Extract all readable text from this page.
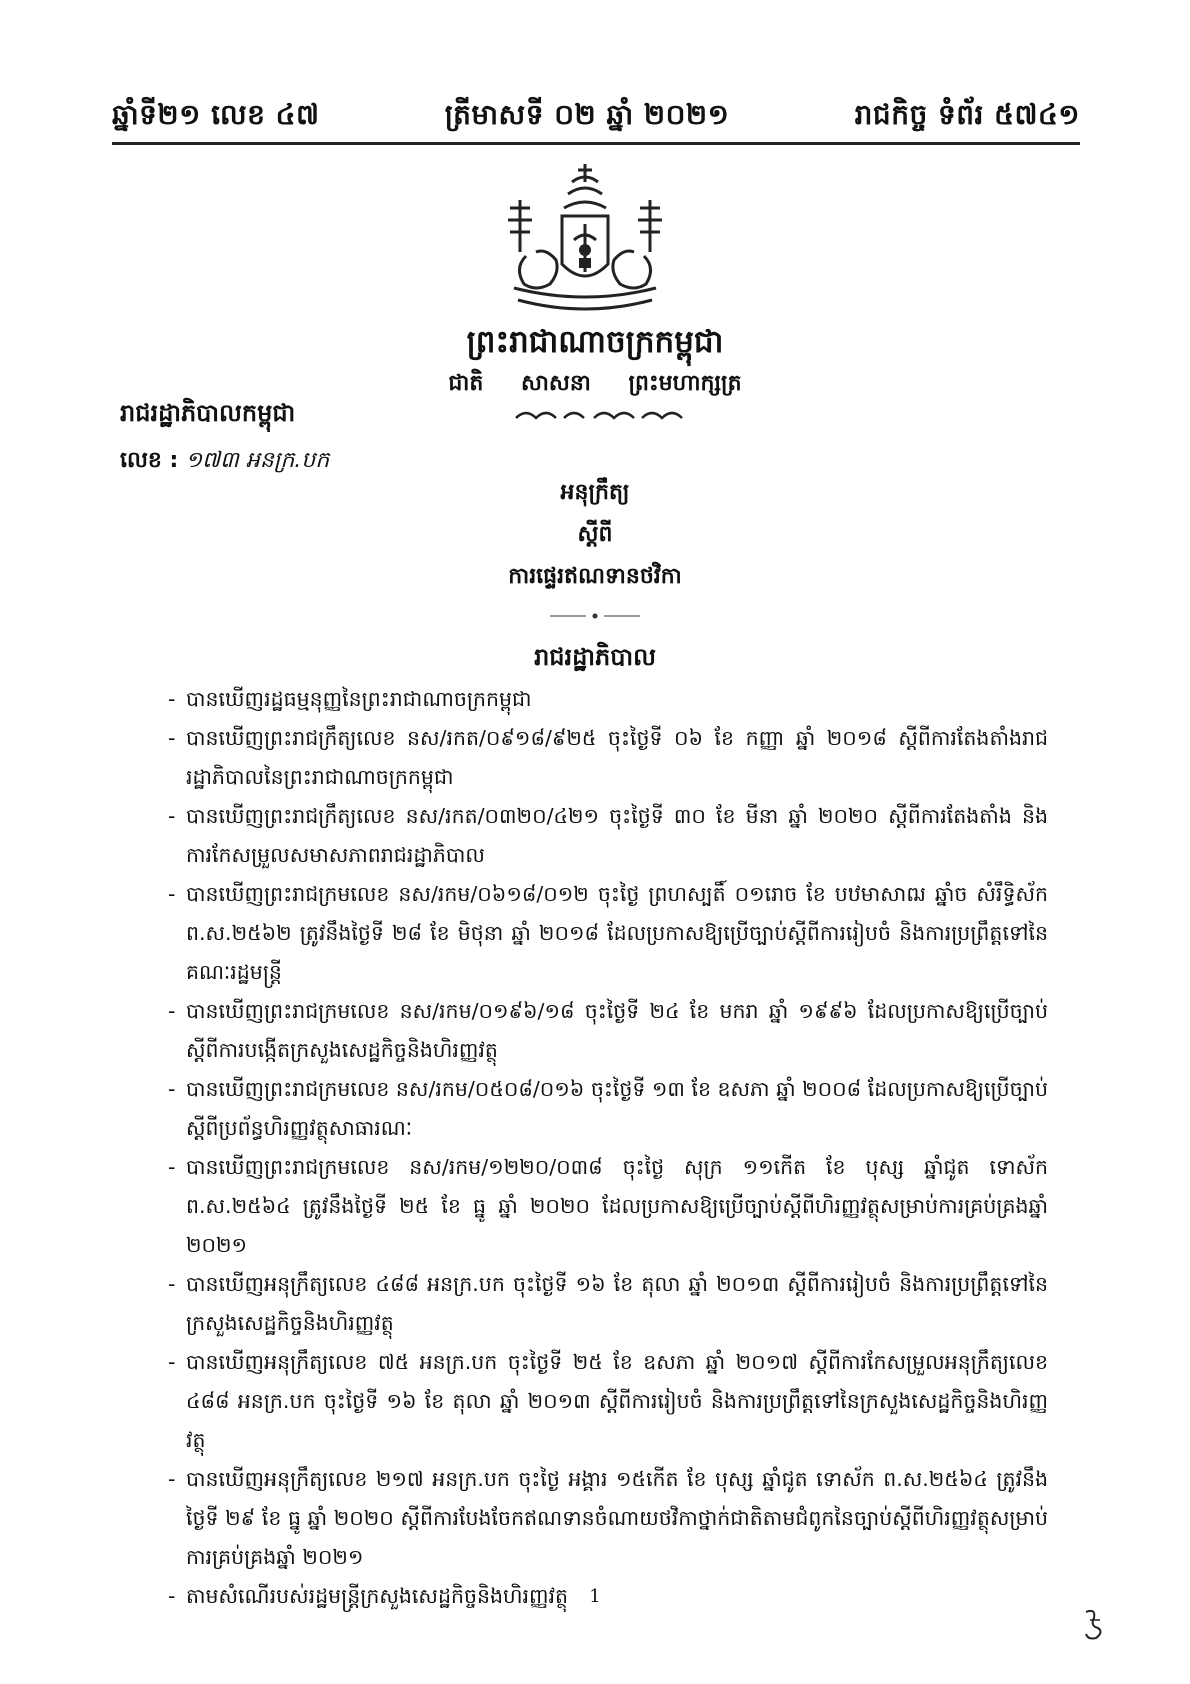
ឆ្នាំទី២១ លេខ ៤៧	ត្រីមាសទី ០២ ឆ្នាំ ២០២១	រាជកិច្ច ទំព័រ ៥៧៤១
ព្រះរាជាណាចក្រកម្ពុជា
ជាតិ សាសនា ព្រះមហាក្សត្រ
រាជរដ្ឋាភិបាលកម្ពុជា
លេខ : ១៧៣ អនក្រ.បក
អនុក្រឹត្យ
ស្តីពី
ការផ្ទេរឥណទានថវិកា
រាជរដ្ឋាភិបាល
- បានឃើញរដ្ឋធម្មនុញ្ញនៃព្រះរាជាណាចក្រកម្ពុជា
- បានឃើញព្រះរាជក្រឹត្យលេខ នស/រកត/០៩១៨/៩២៥ ចុះថ្ងៃទី ០៦ ខែ កញ្ញា ឆ្នាំ ២០១៨ ស្តីពីការតែងតាំងរាជរដ្ឋាភិបាលនៃព្រះរាជាណាចក្រកម្ពុជា
- បានឃើញព្រះរាជក្រឹត្យលេខ នស/រកត/០៣២០/៤២១ ចុះថ្ងៃទី ៣០ ខែ មីនា ឆ្នាំ ២០២០ ស្តីពីការតែងតាំង និងការកែសម្រួលសមាសភាពរាជរដ្ឋាភិបាល
- បានឃើញព្រះរាជក្រមលេខ នស/រកម/០៦១៨/០១២ ចុះថ្ងៃ ព្រហស្បតិ៍ ០១រោច ខែ បឋមាសាឍ ឆ្នាំច សំរឹទ្ធិស័ក ព.ស.២៥៦២ ត្រូវនឹងថ្ងៃទី ២៨ ខែ មិថុនា ឆ្នាំ ២០១៨ ដែលប្រកាសឱ្យប្រើច្បាប់ស្តីពីការរៀបចំ និងការប្រព្រឹត្តទៅនៃគណៈរដ្ឋមន្ត្រី
- បានឃើញព្រះរាជក្រមលេខ នស/រកម/០១៩៦/១៨ ចុះថ្ងៃទី ២៤ ខែ មករា ឆ្នាំ ១៩៩៦ ដែលប្រកាសឱ្យប្រើច្បាប់ស្តីពីការបង្កើតក្រសួងសេដ្ឋកិច្ចនិងហិរញ្ញវត្ថុ
- បានឃើញព្រះរាជក្រមលេខ នស/រកម/០៥០៨/០១៦ ចុះថ្ងៃទី ១៣ ខែ ឧសភា ឆ្នាំ ២០០៨ ដែលប្រកាសឱ្យប្រើច្បាប់ស្តីពីប្រព័ន្ធហិរញ្ញវត្ថុសាធារណៈ
- បានឃើញព្រះរាជក្រមលេខ នស/រកម/១២២០/០៣៨ ចុះថ្ងៃ សុក្រ ១១កើត ខែ បុស្ស ឆ្នាំជូត ទោស័ក ព.ស.២៥៦៤ ត្រូវនឹងថ្ងៃទី ២៥ ខែ ធ្នូ ឆ្នាំ ២០២០ ដែលប្រកាសឱ្យប្រើច្បាប់ស្តីពីហិរញ្ញវត្ថុសម្រាប់ការគ្រប់គ្រងឆ្នាំ ២០២១
- បានឃើញអនុក្រឹត្យលេខ ៤៨៨ អនក្រ.បក ចុះថ្ងៃទី ១៦ ខែ តុលា ឆ្នាំ ២០១៣ ស្តីពីការរៀបចំ និងការប្រព្រឹត្តទៅនៃក្រសួងសេដ្ឋកិច្ចនិងហិរញ្ញវត្ថុ
- បានឃើញអនុក្រឹត្យលេខ ៧៥ អនក្រ.បក ចុះថ្ងៃទី ២៥ ខែ ឧសភា ឆ្នាំ ២០១៧ ស្តីពីការកែសម្រួលអនុក្រឹត្យលេខ ៤៨៨ អនក្រ.បក ចុះថ្ងៃទី ១៦ ខែ តុលា ឆ្នាំ ២០១៣ ស្តីពីការរៀបចំ និងការប្រព្រឹត្តទៅនៃក្រសួងសេដ្ឋកិច្ចនិងហិរញ្ញវត្ថុ
- បានឃើញអនុក្រឹត្យលេខ ២១៧ អនក្រ.បក ចុះថ្ងៃ អង្គារ ១៥កើត ខែ បុស្ស ឆ្នាំជូត ទោស័ក ព.ស.២៥៦៤ ត្រូវនឹងថ្ងៃទី ២៩ ខែ ធ្នូ ឆ្នាំ ២០២០ ស្តីពីការបែងចែកឥណទានចំណាយថវិកាថ្នាក់ជាតិតាមជំពូកនៃច្បាប់ស្តីពីហិរញ្ញវត្ថុសម្រាប់ការគ្រប់គ្រងឆ្នាំ ២០២១
- តាមសំណើរបស់រដ្ឋមន្ត្រីក្រសួងសេដ្ឋកិច្ចនិងហិរញ្ញវត្ថុ	1
